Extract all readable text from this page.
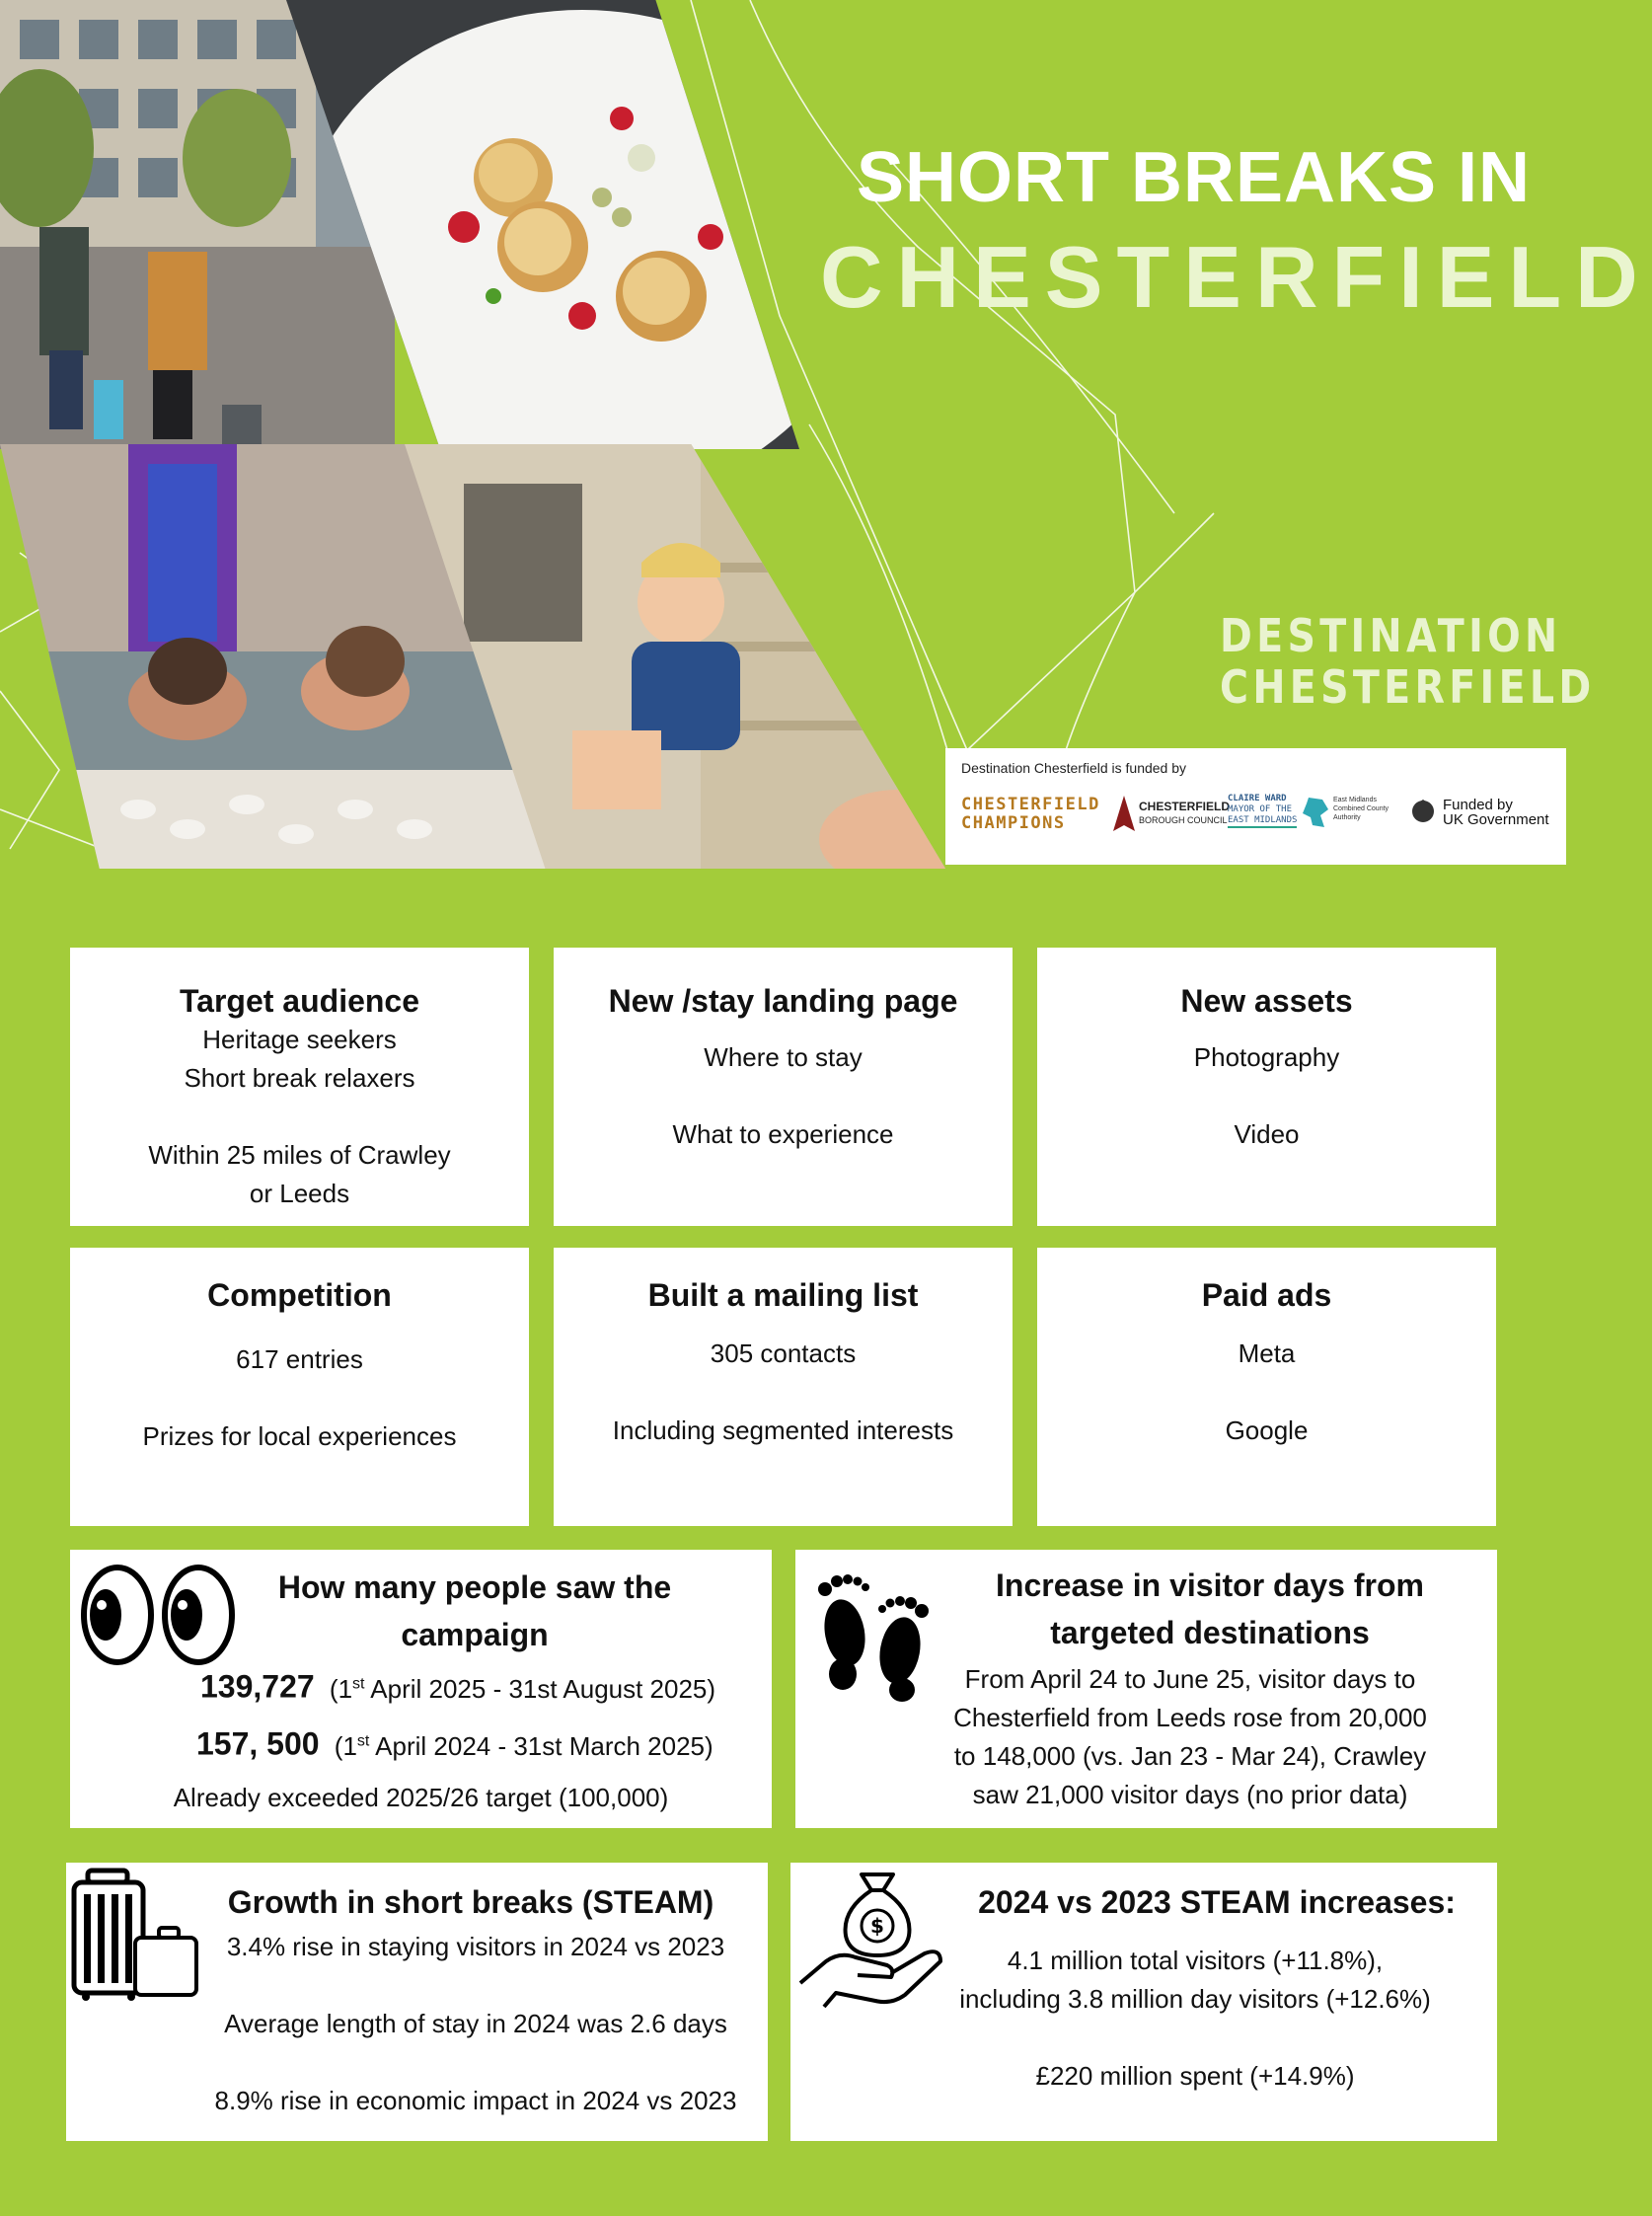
SHORT BREAKS IN
CHESTERFIELD
DESTINATION
CHESTERFIELD
Destination Chesterfield is funded by
CHESTERFIELD
CHAMPIONS
CHESTERFIELD
BOROUGH COUNCIL
CLAIRE WARD
MAYOR OF THE
EAST MIDLANDS
East Midlands
Combined County
Authority
Funded by
UK Government
Target audience
Heritage seekers
Short break relaxers

Within 25 miles of Crawley
or Leeds
New /stay landing page
Where to stay

What to experience
New assets
Photography

Video
Competition
617 entries

Prizes for local experiences
Built a mailing list
305 contacts

Including segmented interests
Paid ads
Meta

Google
How many people saw the
campaign
139,727 (1st April 2025 - 31st August 2025)
157, 500 (1st April 2024 - 31st March 2025)
Already exceeded 2025/26 target (100,000)
Increase in visitor days from
targeted destinations
From April 24 to June 25, visitor days to
Chesterfield from Leeds rose from 20,000
to 148,000 (vs. Jan 23 - Mar 24), Crawley
saw 21,000 visitor days (no prior data)
Growth in short breaks (STEAM)
3.4% rise in staying visitors in 2024 vs 2023

Average length of stay in 2024 was 2.6 days

8.9% rise in economic impact in 2024 vs 2023
$
2024 vs 2023 STEAM increases:
4.1 million total visitors (+11.8%),
including 3.8 million day visitors (+12.6%)

£220 million spent (+14.9%)
